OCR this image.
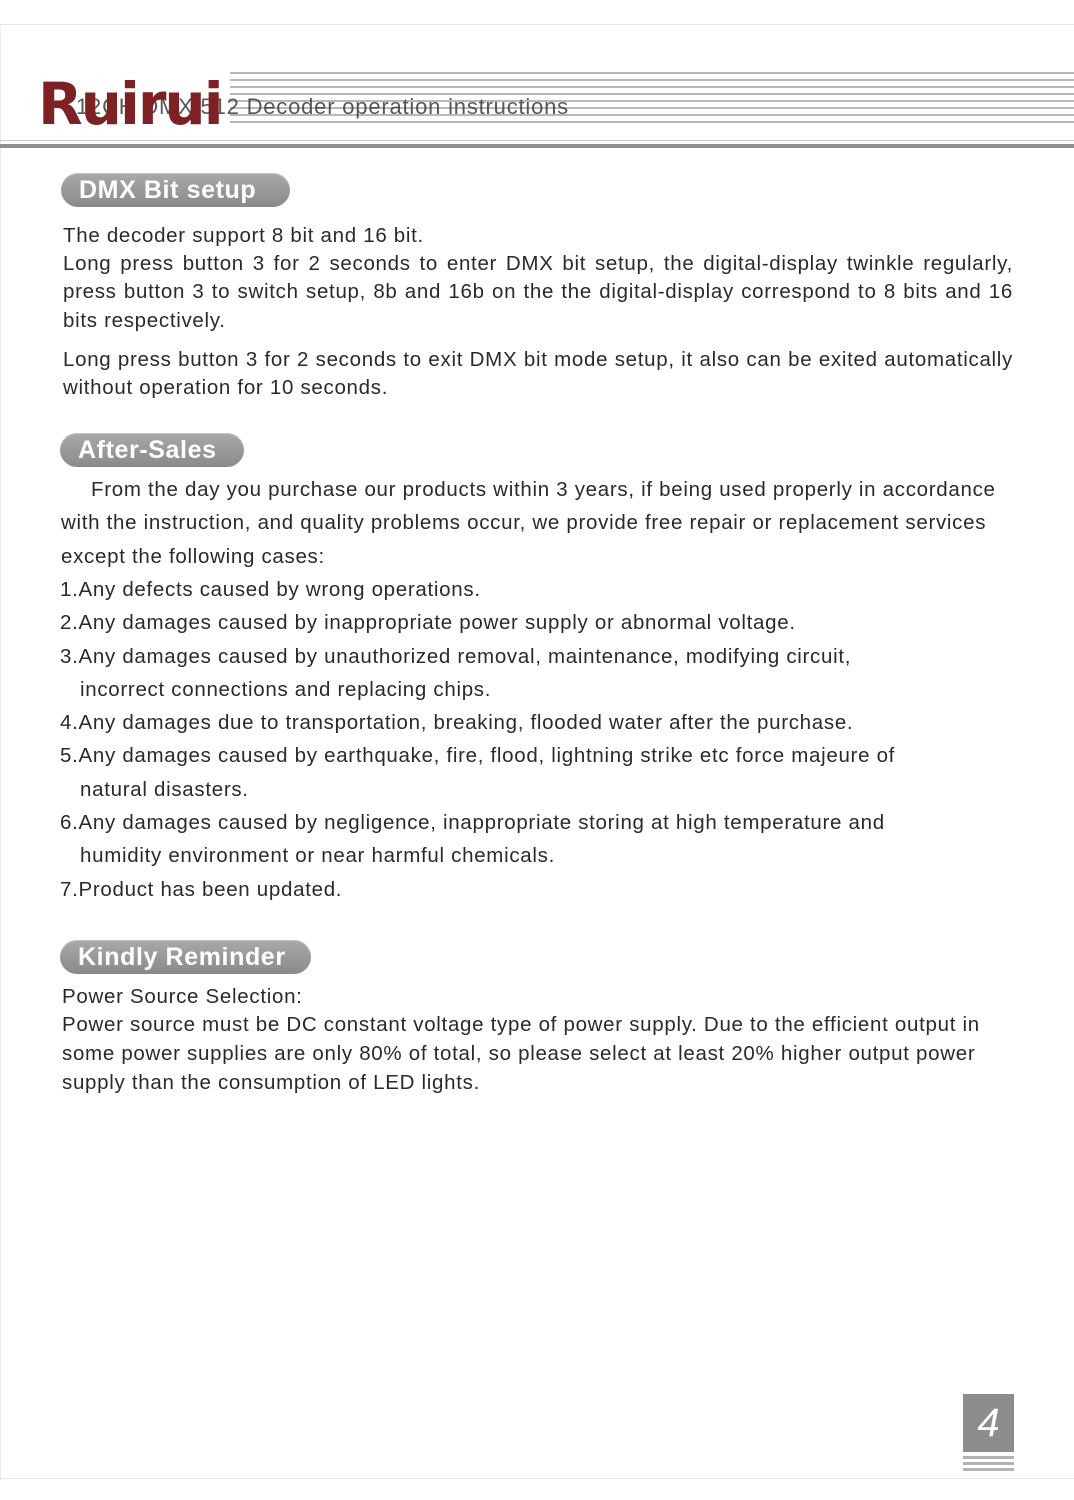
12CH DMX 512 Decoder operation instructions
Ruirui
DMX Bit setup

The decoder support 8 bit and 16 bit.

Long press button 3 for 2 seconds to enter DMX bit setup, the digital-display twinkle regularly, press button 3 to switch setup, 8b and 16b on the the digital-display correspond to 8 bits and 16 bits respectively.

Long press button 3 for 2 seconds to exit DMX bit mode setup, it also can be exited automatically without operation for 10 seconds.

After-Sales

From the day you purchase our products within 3 years, if being used properly in accordance with the instruction, and quality problems occur, we provide free repair or replacement services except the following cases:

1.Any defects caused by wrong operations.
2.Any damages caused by inappropriate power supply or abnormal voltage.
3.Any damages caused by unauthorized removal, maintenance, modifying circuit,
incorrect connections and replacing chips.
4.Any damages due to transportation, breaking, flooded water after the purchase.
5.Any damages caused by earthquake, fire, flood, lightning strike etc force majeure of
natural disasters.
6.Any damages caused by negligence, inappropriate storing at high temperature and
humidity environment or near harmful chemicals.
7.Product has been updated.
Kindly Reminder

Power Source Selection:

Power source must be DC constant voltage type of power supply. Due to the efficient output in some power supplies are only 80% of total, so please select at least 20% higher output power supply than the consumption of LED lights.

4
